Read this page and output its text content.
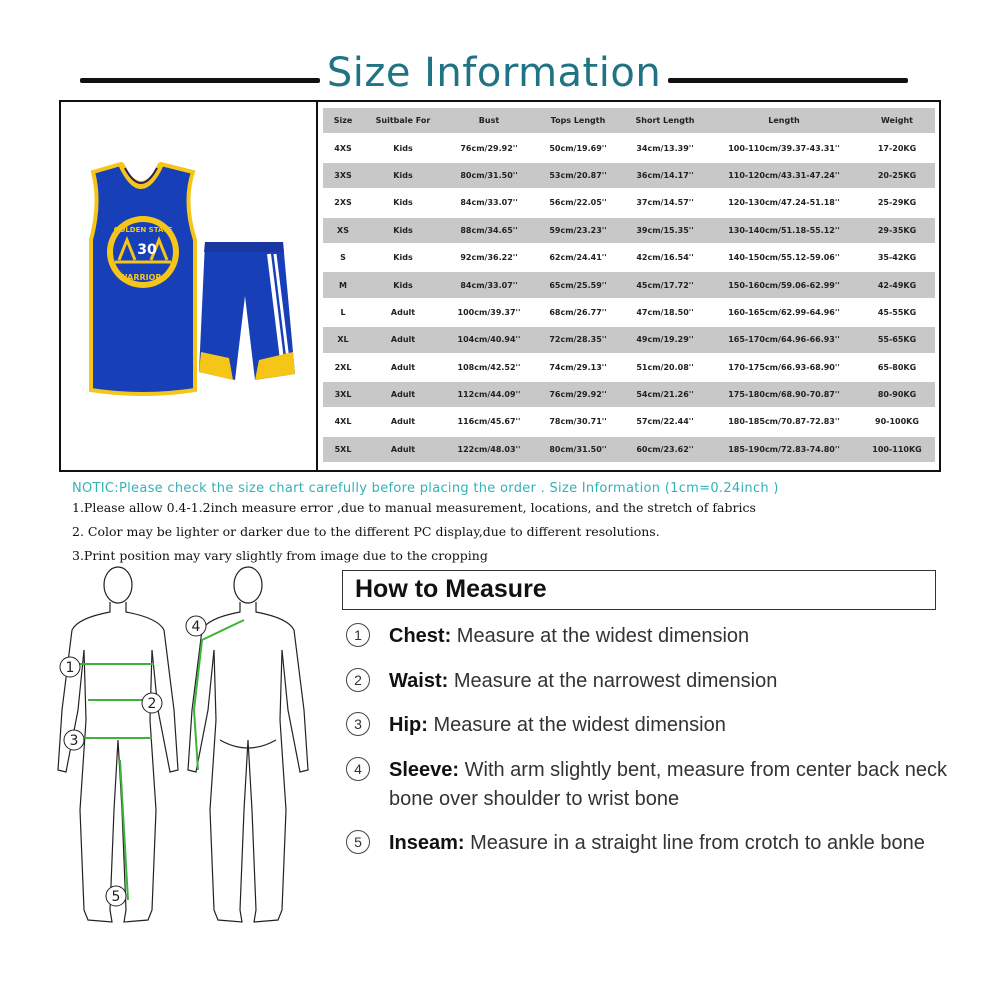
Size Information
GOLDEN STATE
30
WARRIORS
Size	Suitbale For	Bust	Tops Length	Short Length	Length	Weight
4XS	Kids	76cm/29.92''	50cm/19.69''	34cm/13.39''	100-110cm/39.37-43.31''	17-20KG
3XS	Kids	80cm/31.50''	53cm/20.87''	36cm/14.17''	110-120cm/43.31-47.24''	20-25KG
2XS	Kids	84cm/33.07''	56cm/22.05''	37cm/14.57''	120-130cm/47.24-51.18''	25-29KG
XS	Kids	88cm/34.65''	59cm/23.23''	39cm/15.35''	130-140cm/51.18-55.12''	29-35KG
S	Kids	92cm/36.22''	62cm/24.41''	42cm/16.54''	140-150cm/55.12-59.06''	35-42KG
M	Kids	84cm/33.07''	65cm/25.59''	45cm/17.72''	150-160cm/59.06-62.99''	42-49KG
L	Adult	100cm/39.37''	68cm/26.77''	47cm/18.50''	160-165cm/62.99-64.96''	45-55KG
XL	Adult	104cm/40.94''	72cm/28.35''	49cm/19.29''	165-170cm/64.96-66.93''	55-65KG
2XL	Adult	108cm/42.52''	74cm/29.13''	51cm/20.08''	170-175cm/66.93-68.90''	65-80KG
3XL	Adult	112cm/44.09''	76cm/29.92''	54cm/21.26''	175-180cm/68.90-70.87''	80-90KG
4XL	Adult	116cm/45.67''	78cm/30.71''	57cm/22.44''	180-185cm/70.87-72.83''	90-100KG
5XL	Adult	122cm/48.03''	80cm/31.50''	60cm/23.62''	185-190cm/72.83-74.80''	100-110KG
NOTIC:Please check the size chart carefully before placing the order . Size Information (1cm=0.24inch )
1.Please allow 0.4-1.2inch measure error ,due to manual measurement, locations, and the stretch of fabrics
2. Color may be lighter or darker due to the different PC display,due to different resolutions.
3.Print position may vary slightly from image due to the cropping
1
2
3
4
5
How to Measure
1	Chest: Measure at the widest dimension
2	Waist: Measure at the narrowest dimension
3	Hip: Measure at the widest dimension
4	Sleeve: With arm slightly bent, measure from center back neck bone over shoulder to wrist bone
5	Inseam: Measure in a straight line from crotch to ankle bone
